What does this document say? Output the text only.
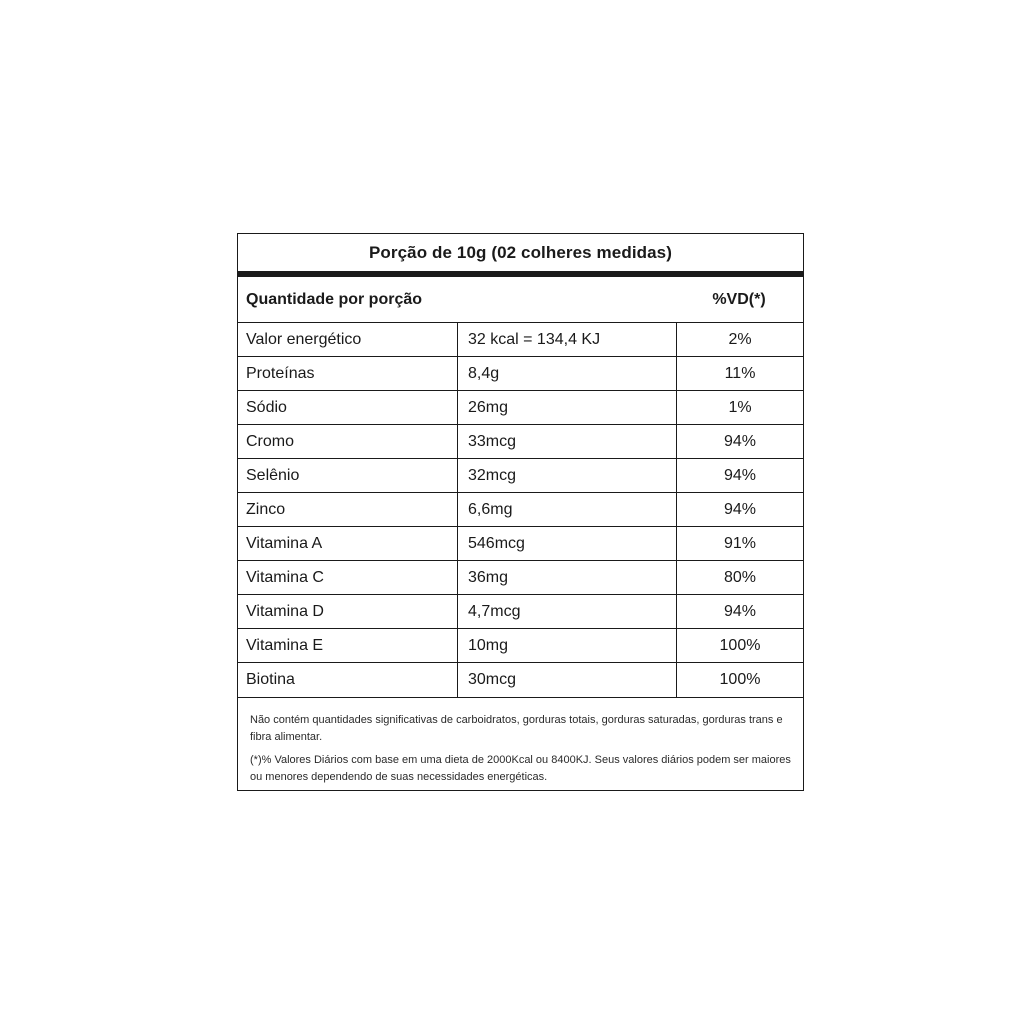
Porção de 10g (02 colheres medidas)
Quantidade por porção	%VD(*)
Valor energético	32 kcal = 134,4 KJ	2%
Proteínas	8,4g	11%
Sódio	26mg	1%
Cromo	33mcg	94%
Selênio	32mcg	94%
Zinco	6,6mg	94%
Vitamina A	546mcg	91%
Vitamina C	36mg	80%
Vitamina D	4,7mcg	94%
Vitamina E	10mg	100%
Biotina	30mcg	100%

Não contém quantidades significativas de carboidratos, gorduras totais, gorduras saturadas, gorduras trans e fibra alimentar.

(*)% Valores Diários com base em uma dieta de 2000Kcal ou 8400KJ. Seus valores diários podem ser maiores ou menores dependendo de suas necessidades energéticas.
